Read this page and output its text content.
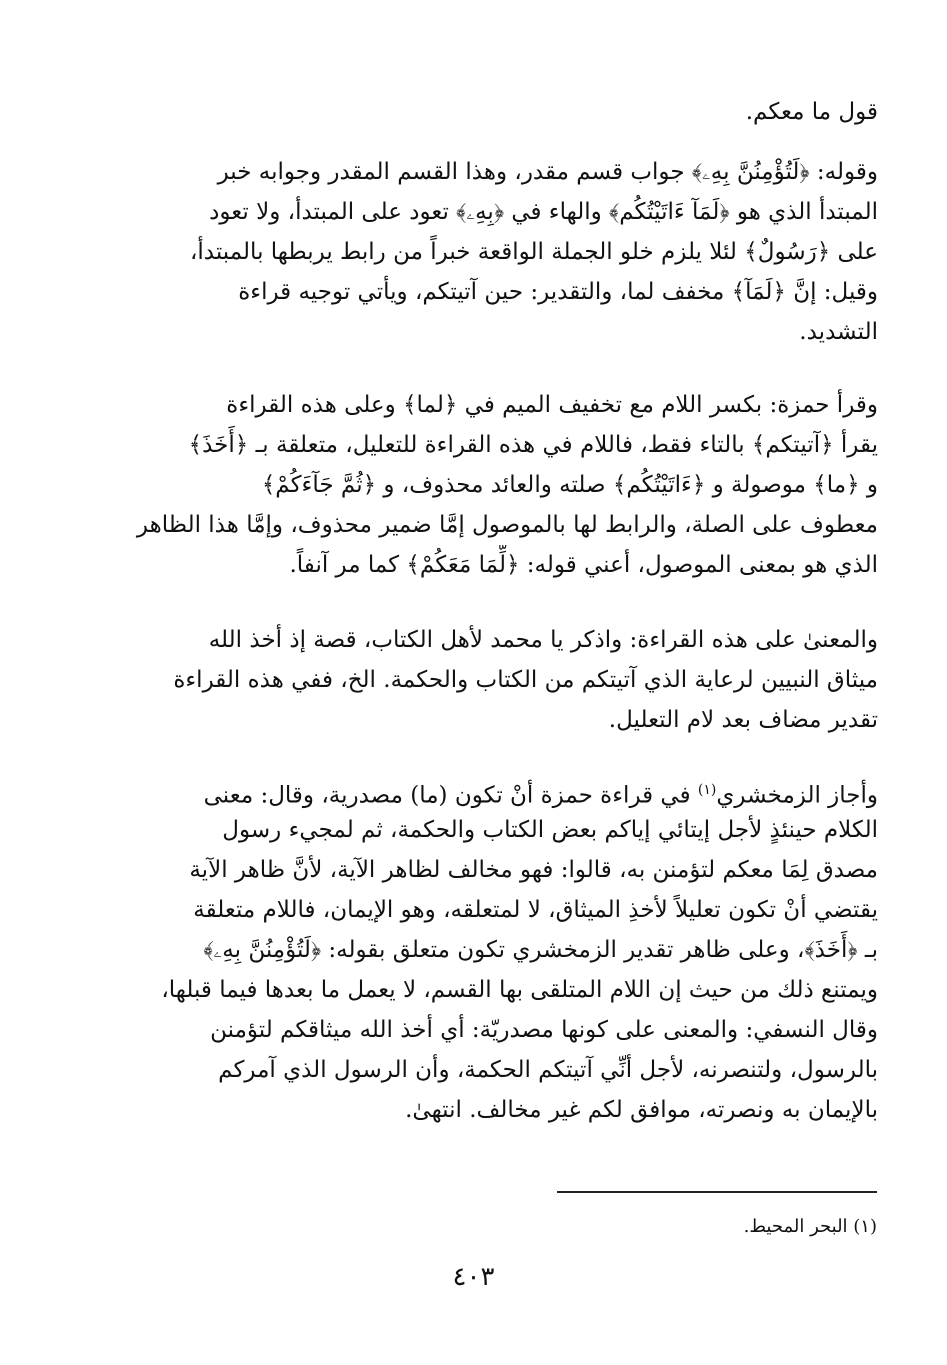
قول ما معكم.
وقوله: ﴿لَتُؤْمِنُنَّ بِهِۦ﴾ جواب قسم مقدر، وهذا القسم المقدر وجوابه خبر
المبتدأ الذي هو ﴿لَمَآ ءَاتَيْتُكُم﴾ والهاء في ﴿بِهِۦ﴾ تعود على المبتدأ، ولا تعود
على ﴿رَسُولٌ﴾ لئلا يلزم خلو الجملة الواقعة خبراً من رابط يربطها بالمبتدأ،
وقيل: إنَّ ﴿لَمَآ﴾ مخفف لما، والتقدير: حين آتيتكم، ويأتي توجيه قراءة
التشديد.
وقرأ حمزة: بكسر اللام مع تخفيف الميم في ﴿لما﴾ وعلى هذه القراءة
يقرأ ﴿آتيتكم﴾ بالتاء فقط، فاللام في هذه القراءة للتعليل، متعلقة بـ ﴿أَخَذَ﴾
و ﴿ما﴾ موصولة و ﴿ءَاتَيْتُكُم﴾ صلته والعائد محذوف، و ﴿ثُمَّ جَآءَكُمْ﴾
معطوف على الصلة، والرابط لها بالموصول إمَّا ضمير محذوف، وإمَّا هذا الظاهر
الذي هو بمعنى الموصول، أعني قوله: ﴿لِّمَا مَعَكُمْ﴾ كما مر آنفاً.
والمعنىٰ على هذه القراءة: واذكر يا محمد لأهل الكتاب، قصة إذ أخذ الله
ميثاق النبيين لرعاية الذي آتيتكم من الكتاب والحكمة. الخ، ففي هذه القراءة
تقدير مضاف بعد لام التعليل.
وأجاز الزمخشري$^{(١)}$ في قراءة حمزة أنْ تكون (ما) مصدرية، وقال: معنى
الكلام حينئذٍ لأجل إيتائي إياكم بعض الكتاب والحكمة، ثم لمجيء رسول
مصدق لِمَا معكم لتؤمنن به، قالوا: فهو مخالف لظاهر الآية، لأنَّ ظاهر الآية
يقتضي أنْ تكون تعليلاً لأخذِ الميثاق، لا لمتعلقه، وهو الإيمان، فاللام متعلقة
بـ ﴿أَخَذَ﴾، وعلى ظاهر تقدير الزمخشري تكون متعلق بقوله: ﴿لَتُؤْمِنُنَّ بِهِۦ﴾
ويمتنع ذلك من حيث إن اللام المتلقى بها القسم، لا يعمل ما بعدها فيما قبلها،
وقال النسفي: والمعنى على كونها مصدريّة: أي أخذ الله ميثاقكم لتؤمنن
بالرسول، ولتنصرنه، لأجل أنِّي آتيتكم الحكمة، وأن الرسول الذي آمركم
بالإيمان به ونصرته، موافق لكم غير مخالف. انتهىٰ.
(١) البحر المحيط.
٤٠٣
